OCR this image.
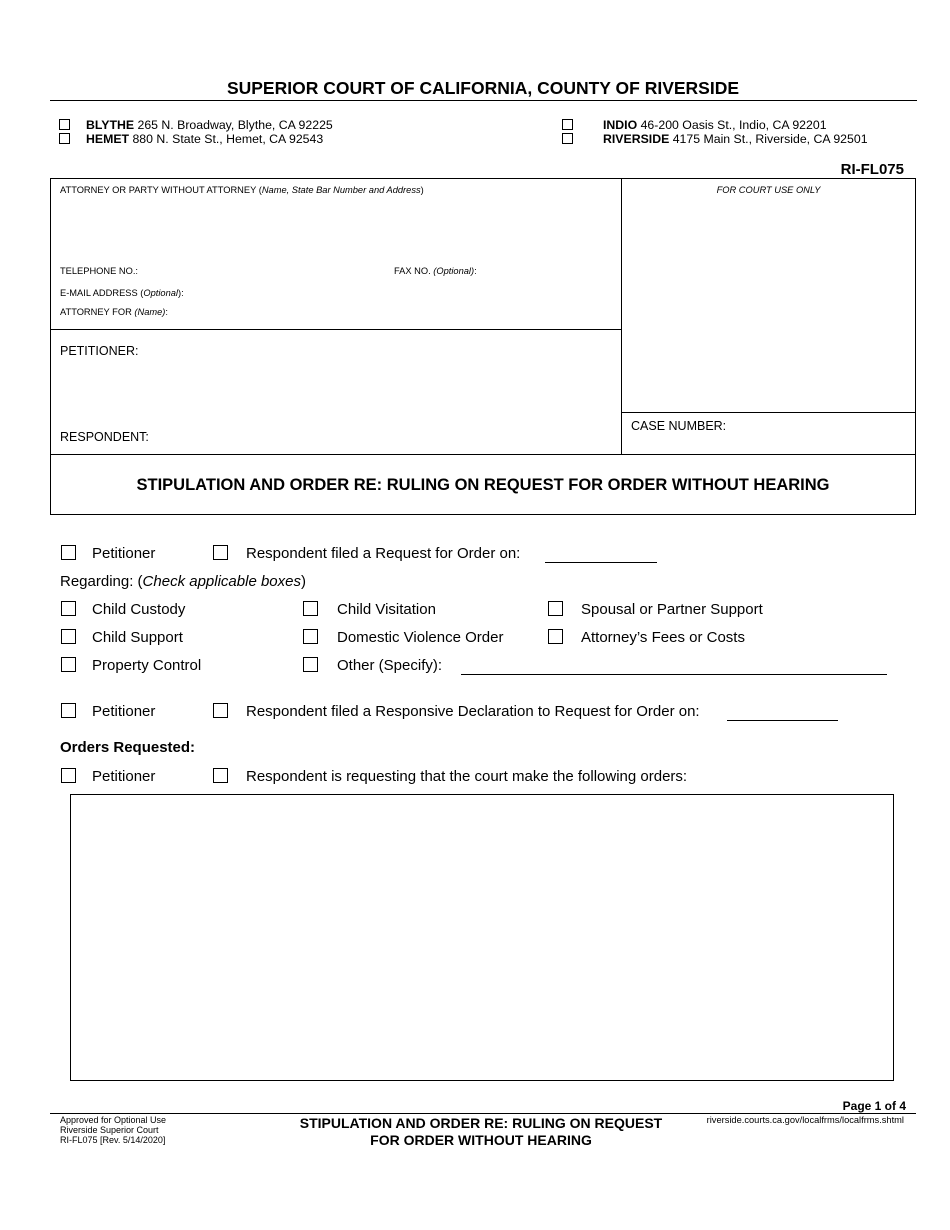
SUPERIOR COURT OF CALIFORNIA, COUNTY OF RIVERSIDE
BLYTHE 265 N. Broadway, Blythe, CA 92225
HEMET 880 N. State St., Hemet, CA 92543
INDIO 46-200 Oasis St., Indio, CA 92201
RIVERSIDE 4175 Main St., Riverside, CA 92501
RI-FL075
ATTORNEY OR PARTY WITHOUT ATTORNEY (Name, State Bar Number and Address)	FOR COURT USE ONLY
TELEPHONE NO.:	FAX NO. (Optional):
E-MAIL ADDRESS (Optional):
ATTORNEY FOR (Name):
PETITIONER:
RESPONDENT:
CASE NUMBER:
STIPULATION AND ORDER RE: RULING ON REQUEST FOR ORDER WITHOUT HEARING
Petitioner	Respondent filed a Request for Order on:
Regarding: (Check applicable boxes)
Child Custody	Child Visitation	Spousal or Partner Support
Child Support	Domestic Violence Order	Attorney’s Fees or Costs
Property Control	Other (Specify):
Petitioner	Respondent filed a Responsive Declaration to Request for Order on:
Orders Requested:
Petitioner	Respondent is requesting that the court make the following orders:
Page 1 of 4
Approved for Optional Use
Riverside Superior Court
RI-FL075 [Rev. 5/14/2020]
STIPULATION AND ORDER RE: RULING ON REQUEST
FOR ORDER WITHOUT HEARING
riverside.courts.ca.gov/localfrms/localfrms.shtml
